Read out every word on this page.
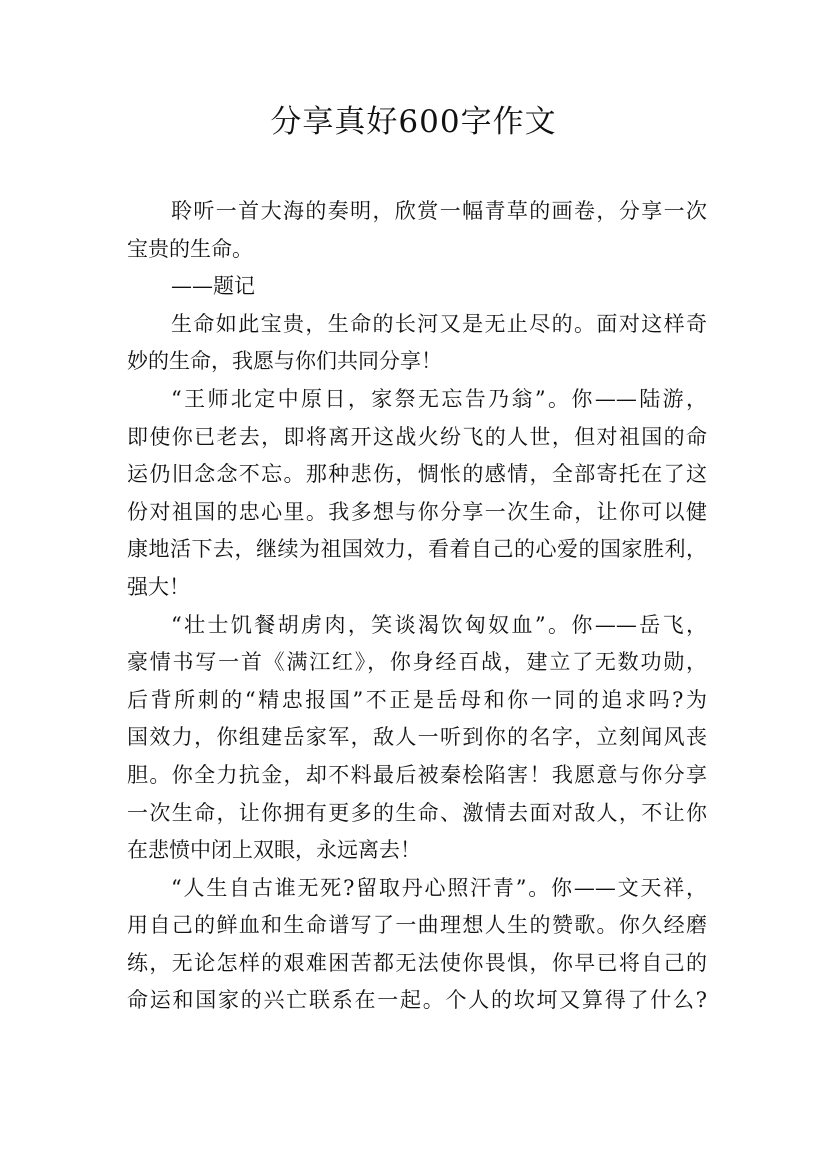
分享真好600字作文
聆听一首大海的奏明，欣赏一幅青草的画卷，分享一次
宝贵的生命。
——题记
生命如此宝贵，生命的长河又是无止尽的。面对这样奇
妙的生命，我愿与你们共同分享！
“王师北定中原日，家祭无忘告乃翁”。你——陆游，
即使你已老去，即将离开这战火纷飞的人世，但对祖国的命
运仍旧念念不忘。那种悲伤，惆怅的感情，全部寄托在了这
份对祖国的忠心里。我多想与你分享一次生命，让你可以健
康地活下去，继续为祖国效力，看着自己的心爱的国家胜利，
强大！
“壮士饥餐胡虏肉，笑谈渴饮匈奴血”。你——岳飞，
豪情书写一首《满江红》，你身经百战，建立了无数功勋，
后背所刺的“精忠报国”不正是岳母和你一同的追求吗?为
国效力，你组建岳家军，敌人一听到你的名字，立刻闻风丧
胆。你全力抗金，却不料最后被秦桧陷害！我愿意与你分享
一次生命，让你拥有更多的生命、激情去面对敌人，不让你
在悲愤中闭上双眼，永远离去！
“人生自古谁无死?留取丹心照汗青”。你——文天祥，
用自己的鲜血和生命谱写了一曲理想人生的赞歌。你久经磨
练，无论怎样的艰难困苦都无法使你畏惧，你早已将自己的
命运和国家的兴亡联系在一起。个人的坎坷又算得了什么?
